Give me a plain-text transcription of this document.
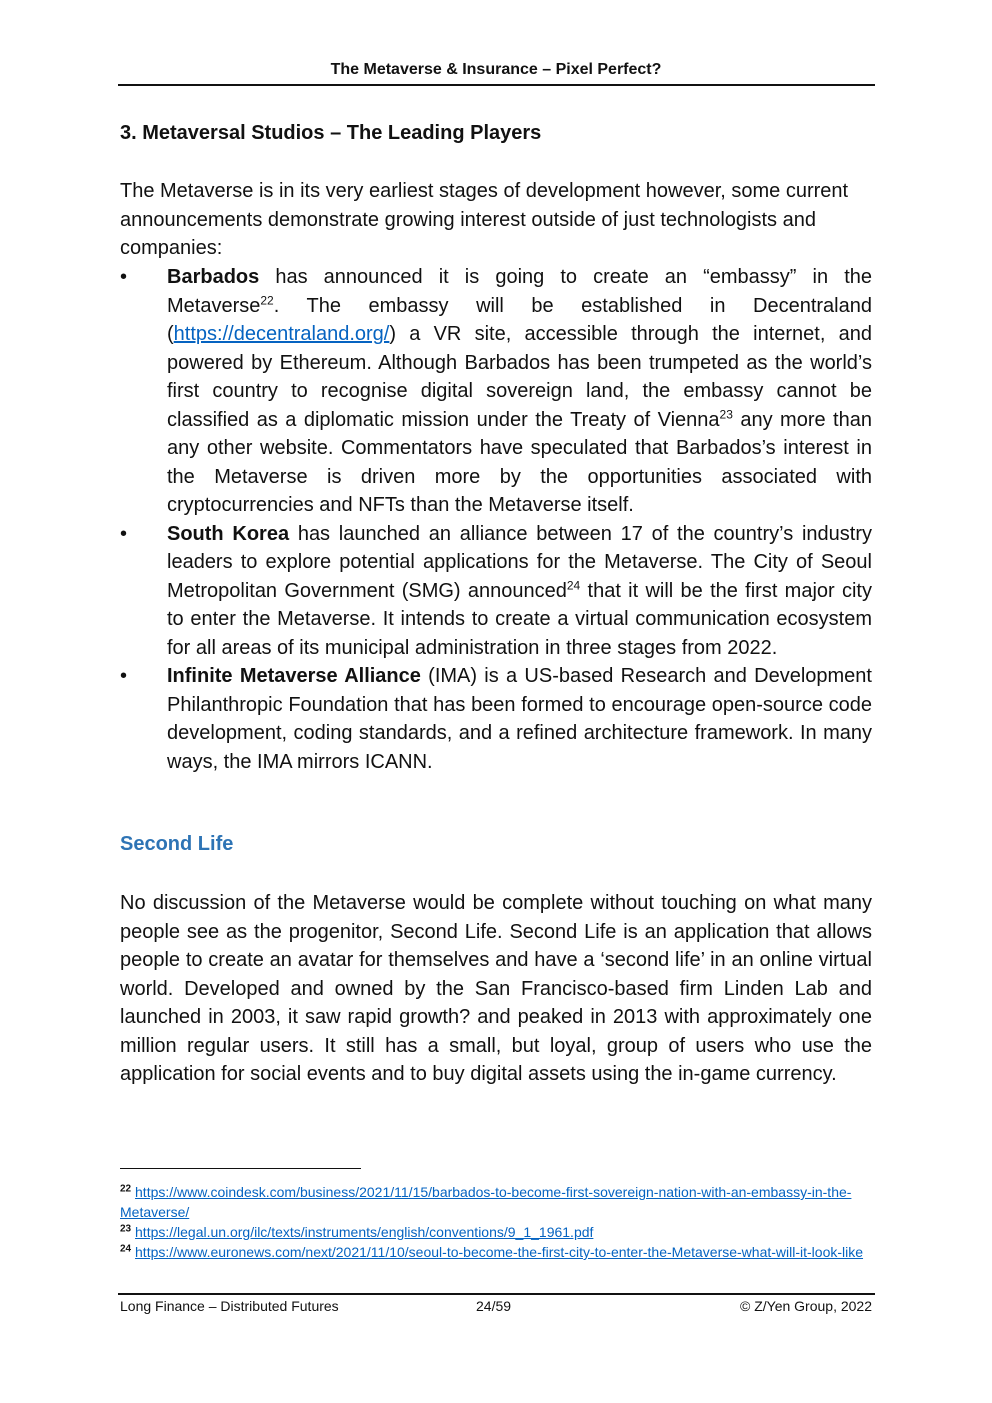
The Metaverse & Insurance – Pixel Perfect?
3. Metaversal Studios – The Leading Players
The Metaverse is in its very earliest stages of development however, some current announcements demonstrate growing interest outside of just technologists and companies:
• Barbados has announced it is going to create an “embassy” in the Metaverse$^{22}$. The embassy will be established in Decentraland (https://decentraland.org/) a VR site, accessible through the internet, and powered by Ethereum. Although Barbados has been trumpeted as the world’s first country to recognise digital sovereign land, the embassy cannot be classified as a diplomatic mission under the Treaty of Vienna$^{23}$ any more than any other website. Commentators have speculated that Barbados’s interest in the Metaverse is driven more by the opportunities associated with cryptocurrencies and NFTs than the Metaverse itself.
• South Korea has launched an alliance between 17 of the country’s industry leaders to explore potential applications for the Metaverse. The City of Seoul Metropolitan Government (SMG) announced$^{24}$ that it will be the first major city to enter the Metaverse. It intends to create a virtual communication ecosystem for all areas of its municipal administration in three stages from 2022.
• Infinite Metaverse Alliance (IMA) is a US-based Research and Development Philanthropic Foundation that has been formed to encourage open-source code development, coding standards, and a refined architecture framework. In many ways, the IMA mirrors ICANN.
Second Life
No discussion of the Metaverse would be complete without touching on what many people see as the progenitor, Second Life. Second Life is an application that allows people to create an avatar for themselves and have a ‘second life’ in an online virtual world. Developed and owned by the San Francisco-based firm Linden Lab and launched in 2003, it saw rapid growth? and peaked in 2013 with approximately one million regular users. It still has a small, but loyal, group of users who use the application for social events and to buy digital assets using the in-game currency.

$^{22}$ https://www.coindesk.com/business/2021/11/15/barbados-to-become-first-sovereign-nation-with-an-embassy-in-the-Metaverse/

$^{23}$ https://legal.un.org/ilc/texts/instruments/english/conventions/9_1_1961.pdf

$^{24}$ https://www.euronews.com/next/2021/11/10/seoul-to-become-the-first-city-to-enter-the-Metaverse-what-will-it-look-like

Long Finance – Distributed Futures	24/59	© Z/Yen Group, 2022
